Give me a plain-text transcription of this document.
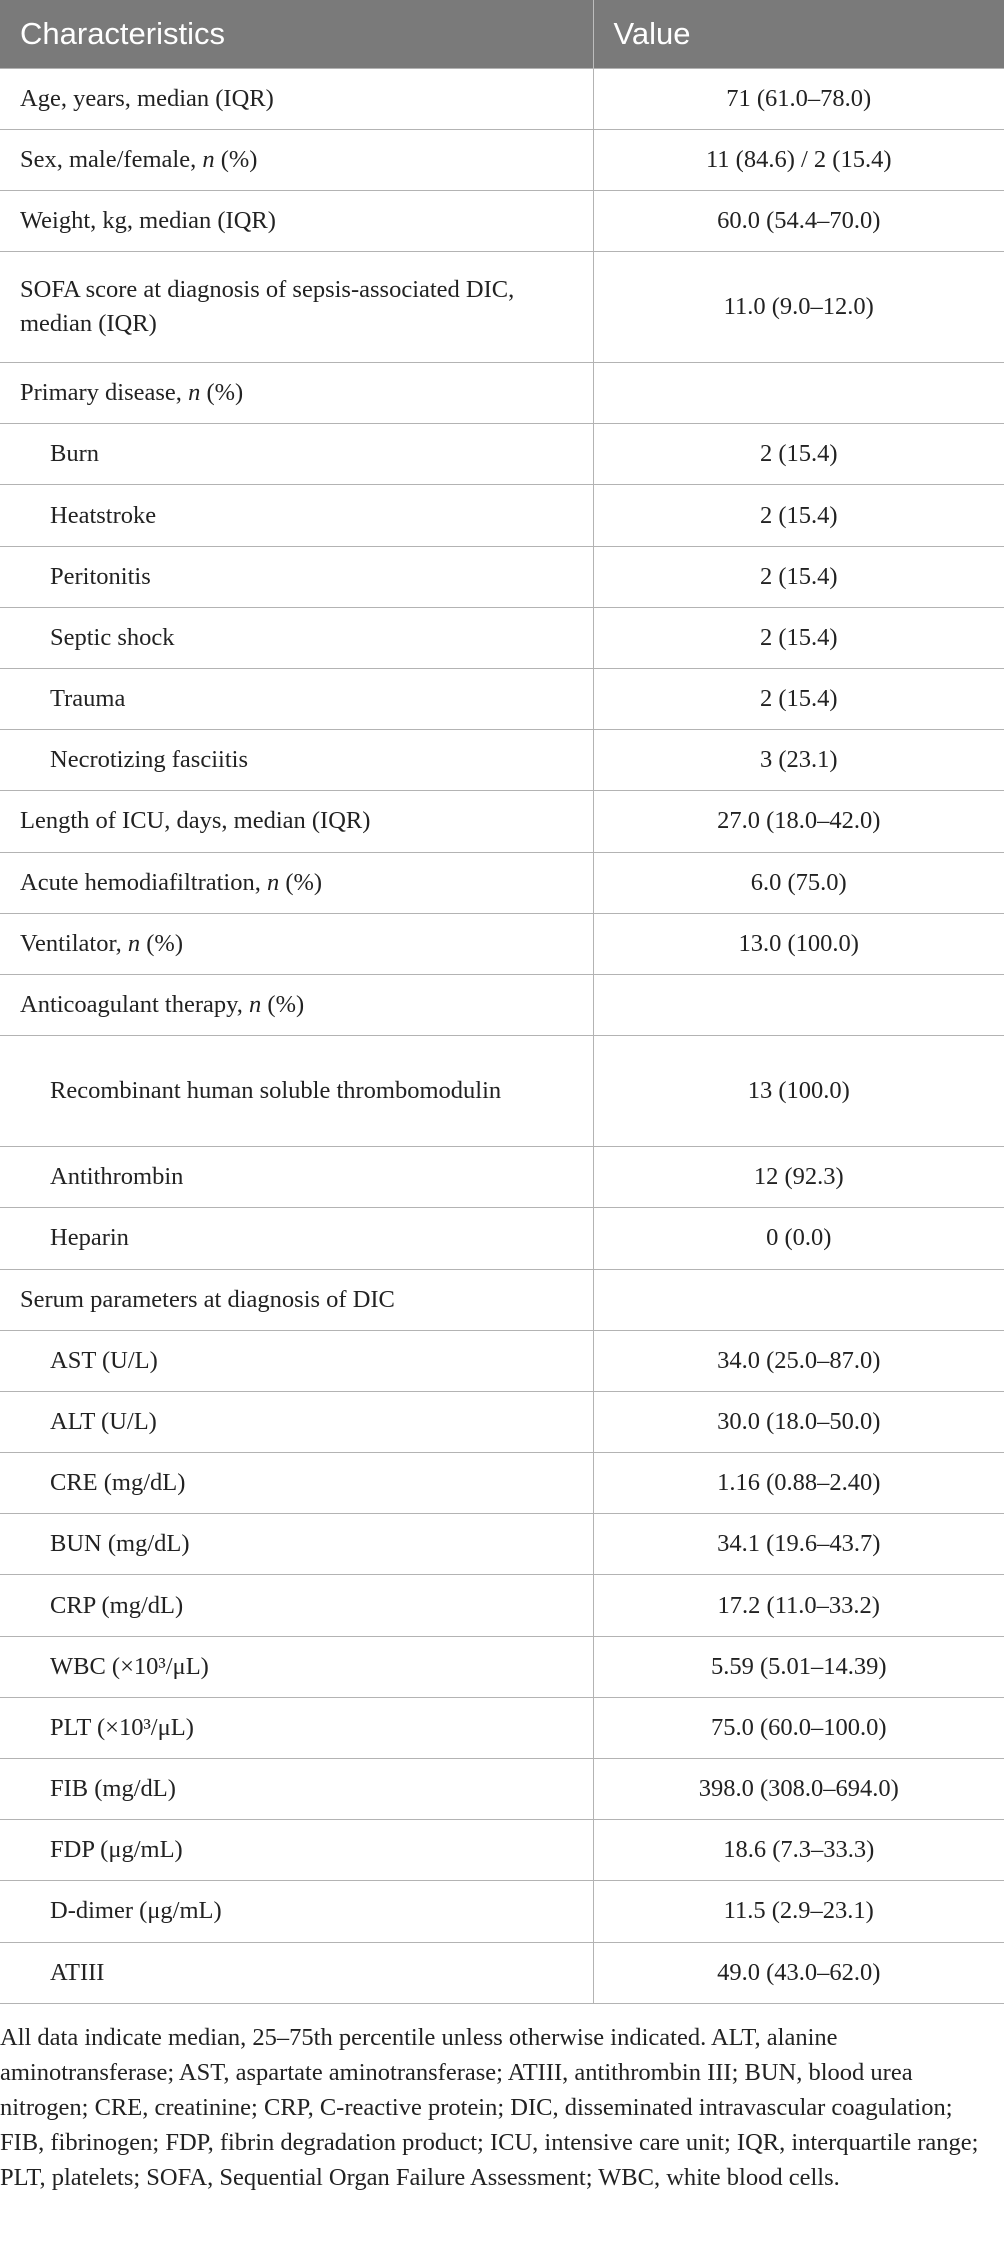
Characteristics	Value
Age, years, median (IQR)	71 (61.0–78.0)
Sex, male/female, n (%)	11 (84.6) / 2 (15.4)
Weight, kg, median (IQR)	60.0 (54.4–70.0)
SOFA score at diagnosis of sepsis-associated DIC, median (IQR)	11.0 (9.0–12.0)
Primary disease, n (%)	
Burn	2 (15.4)
Heatstroke	2 (15.4)
Peritonitis	2 (15.4)
Septic shock	2 (15.4)
Trauma	2 (15.4)
Necrotizing fasciitis	3 (23.1)
Length of ICU, days, median (IQR)	27.0 (18.0–42.0)
Acute hemodiafiltration, n (%)	6.0 (75.0)
Ventilator, n (%)	13.0 (100.0)
Anticoagulant therapy, n (%)	
Recombinant human soluble thrombomodulin	13 (100.0)
Antithrombin	12 (92.3)
Heparin	0 (0.0)
Serum parameters at diagnosis of DIC	
AST (U/L)	34.0 (25.0–87.0)
ALT (U/L)	30.0 (18.0–50.0)
CRE (mg/dL)	1.16 (0.88–2.40)
BUN (mg/dL)	34.1 (19.6–43.7)
CRP (mg/dL)	17.2 (11.0–33.2)
WBC (×10³/μL)	5.59 (5.01–14.39)
PLT (×10³/μL)	75.0 (60.0–100.0)
FIB (mg/dL)	398.0 (308.0–694.0)
FDP (μg/mL)	18.6 (7.3–33.3)
D-dimer (μg/mL)	11.5 (2.9–23.1)
ATIII	49.0 (43.0–62.0)
All data indicate median, 25–75th percentile unless otherwise indicated. ALT, alanine aminotransferase; AST, aspartate aminotransferase; ATIII, antithrombin III; BUN, blood urea nitrogen; CRE, creatinine; CRP, C-reactive protein; DIC, disseminated intravascular coagulation; FIB, fibrinogen; FDP, fibrin degradation product; ICU, intensive care unit; IQR, interquartile range; PLT, platelets; SOFA, Sequential Organ Failure Assessment; WBC, white blood cells.
